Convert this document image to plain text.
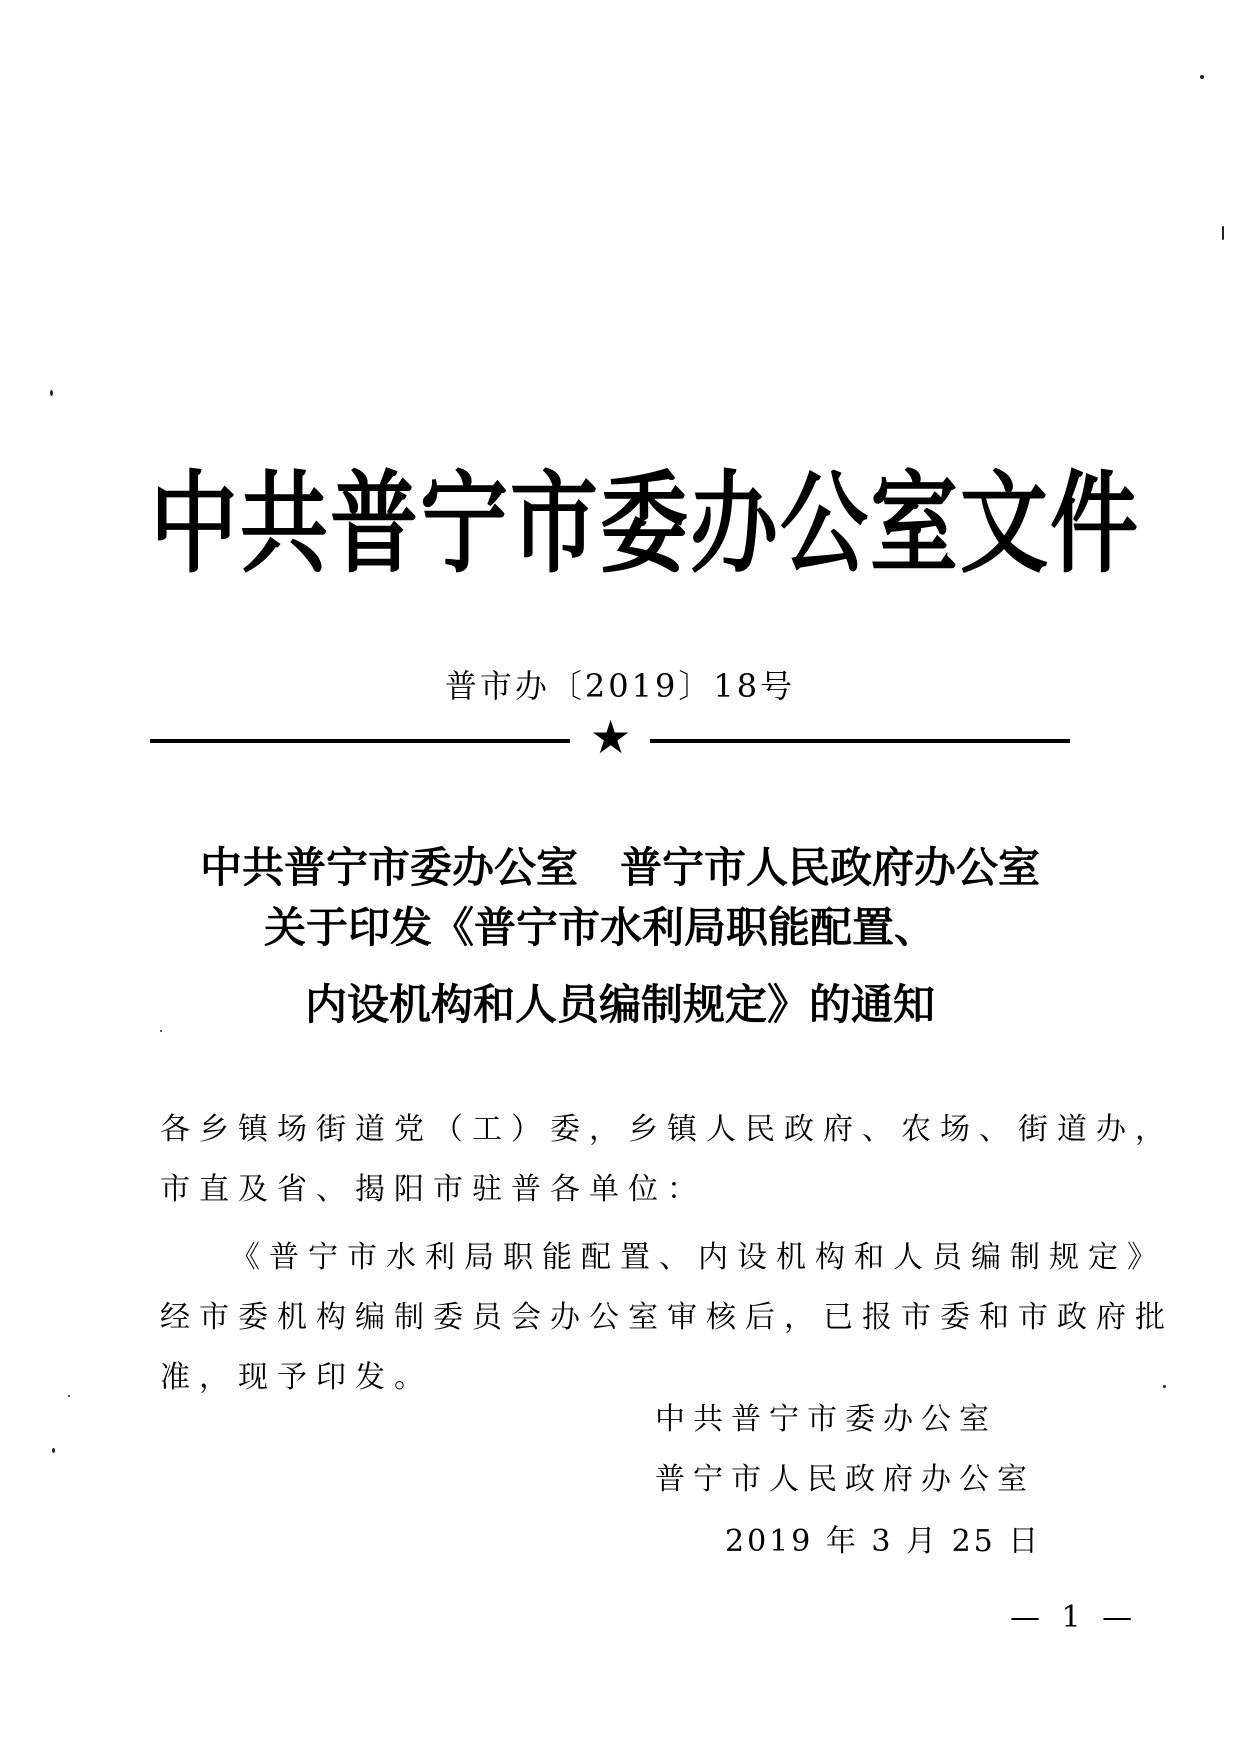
中共普宁市委办公室文件
普市办〔2019〕18号
★
中共普宁市委办公室　普宁市人民政府办公室
关于印发《普宁市水利局职能配置、
内设机构和人员编制规定》的通知
各乡镇场街道党（工）委，乡镇人民政府、农场、街道办，
市直及省、揭阳市驻普各单位：
《普宁市水利局职能配置、内设机构和人员编制规定》
经市委机构编制委员会办公室审核后，已报市委和市政府批
准，现予印发。
中共普宁市委办公室
普宁市人民政府办公室
2019 年 3 月 25 日
— 1 —
